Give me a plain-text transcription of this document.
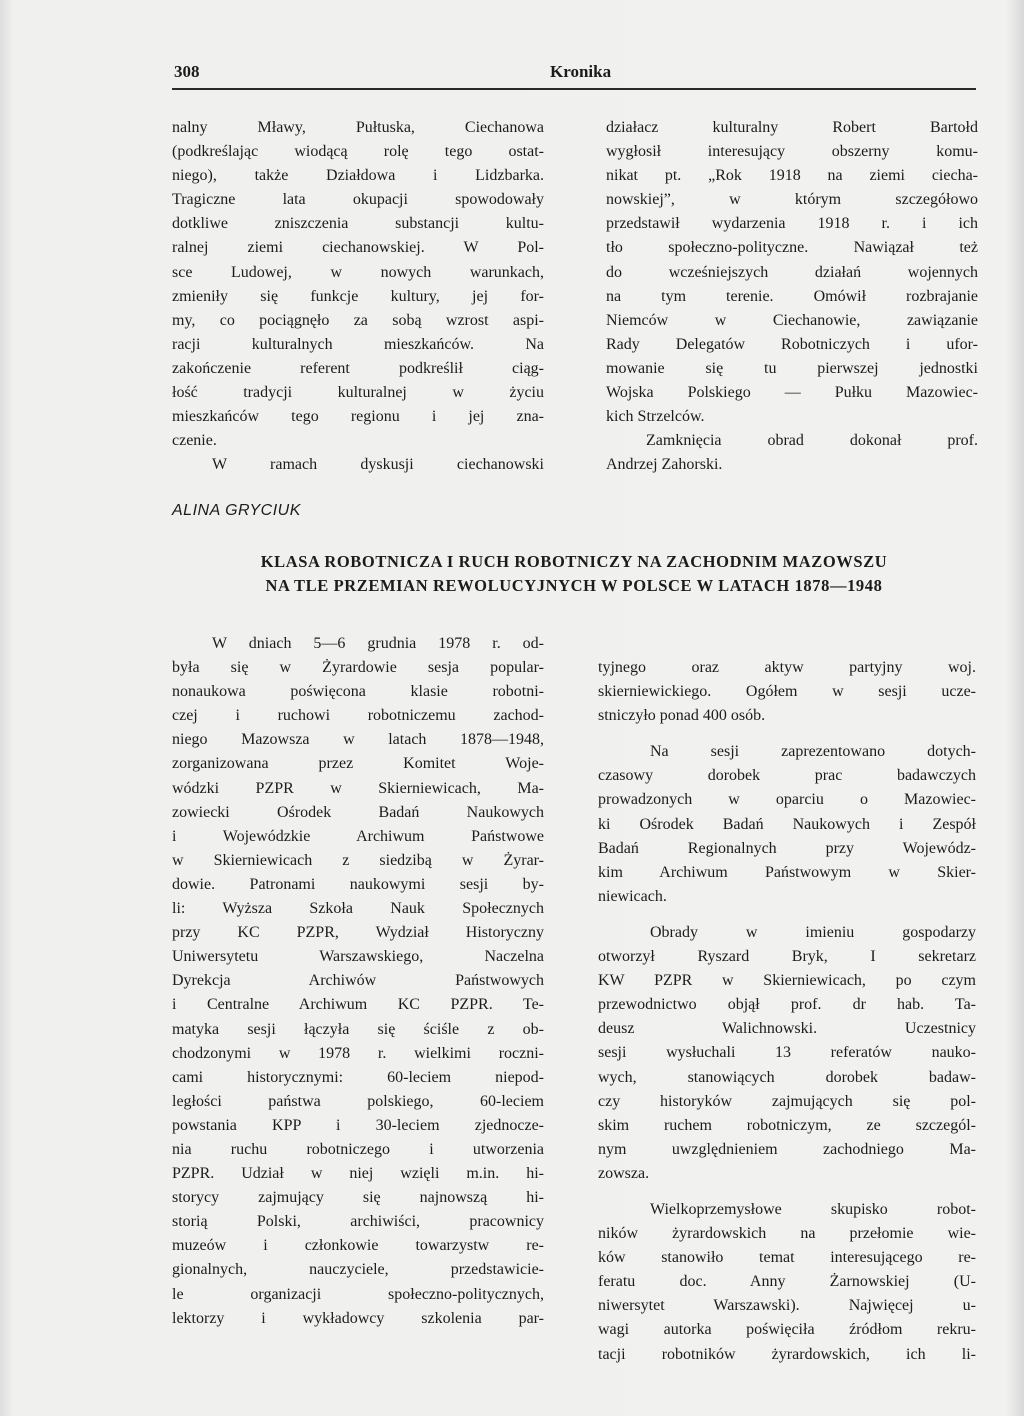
308	Kronika
nalny Mławy, Pułtuska, Ciechanowa
(podkreślając wiodącą rolę tego ostat-
niego), także Działdowa i Lidzbarka.
Tragiczne lata okupacji spowodowały
dotkliwe zniszczenia substancji kultu-
ralnej ziemi ciechanowskiej. W Pol-
sce Ludowej, w nowych warunkach,
zmieniły się funkcje kultury, jej for-
my, co pociągnęło za sobą wzrost aspi-
racji kulturalnych mieszkańców. Na
zakończenie referent podkreślił ciąg-
łość tradycji kulturalnej w życiu
mieszkańców tego regionu i jej zna-
czenie.
W ramach dyskusji ciechanowski
działacz kulturalny Robert Bartołd
wygłosił interesujący obszerny komu-
nikat pt. „Rok 1918 na ziemi ciecha-
nowskiej”, w którym szczegółowo
przedstawił wydarzenia 1918 r. i ich
tło społeczno-polityczne. Nawiązał też
do wcześniejszych działań wojennych
na tym terenie. Omówił rozbrajanie
Niemców w Ciechanowie, zawiązanie
Rady Delegatów Robotniczych i ufor-
mowanie się tu pierwszej jednostki
Wojska Polskiego — Pułku Mazowiec-
kich Strzelców.
Zamknięcia obrad dokonał prof.
Andrzej Zahorski.
ALINA GRYCIUK
KLASA ROBOTNICZA I RUCH ROBOTNICZY NA ZACHODNIM MAZOWSZU
NA TLE PRZEMIAN REWOLUCYJNYCH W POLSCE W LATACH 1878—1948
W dniach 5—6 grudnia 1978 r. od-
była się w Żyrardowie sesja popular-
nonaukowa poświęcona klasie robotni-
czej i ruchowi robotniczemu zachod-
niego Mazowsza w latach 1878—1948,
zorganizowana przez Komitet Woje-
wódzki PZPR w Skierniewicach, Ma-
zowiecki Ośrodek Badań Naukowych
i Wojewódzkie Archiwum Państwowe
w Skierniewicach z siedzibą w Żyrar-
dowie. Patronami naukowymi sesji by-
li: Wyższa Szkoła Nauk Społecznych
przy KC PZPR, Wydział Historyczny
Uniwersytetu Warszawskiego, Naczelna
Dyrekcja Archiwów Państwowych
i Centralne Archiwum KC PZPR. Te-
matyka sesji łączyła się ściśle z ob-
chodzonymi w 1978 r. wielkimi roczni-
cami historycznymi: 60-leciem niepod-
ległości państwa polskiego, 60-leciem
powstania KPP i 30-leciem zjednocze-
nia ruchu robotniczego i utworzenia
PZPR. Udział w niej wzięli m.in. hi-
storycy zajmujący się najnowszą hi-
storią Polski, archiwiści, pracownicy
muzeów i członkowie towarzystw re-
gionalnych, nauczyciele, przedstawicie-
le organizacji społeczno-politycznych,
lektorzy i wykładowcy szkolenia par-
tyjnego oraz aktyw partyjny woj.
skierniewickiego. Ogółem w sesji ucze-
stniczyło ponad 400 osób.
Na sesji zaprezentowano dotych-
czasowy dorobek prac badawczych
prowadzonych w oparciu o Mazowiec-
ki Ośrodek Badań Naukowych i Zespół
Badań Regionalnych przy Wojewódz-
kim Archiwum Państwowym w Skier-
niewicach.
Obrady w imieniu gospodarzy
otworzył Ryszard Bryk, I sekretarz
KW PZPR w Skierniewicach, po czym
przewodnictwo objął prof. dr hab. Ta-
deusz Walichnowski. Uczestnicy
sesji wysłuchali 13 referatów nauko-
wych, stanowiących dorobek badaw-
czy historyków zajmujących się pol-
skim ruchem robotniczym, ze szczegól-
nym uwzględnieniem zachodniego Ma-
zowsza.
Wielkoprzemysłowe skupisko robot-
ników żyrardowskich na przełomie wie-
ków stanowiło temat interesującego re-
feratu doc. Anny Żarnowskiej (U-
niwersytet Warszawski). Najwięcej u-
wagi autorka poświęciła źródłom rekru-
tacji robotników żyrardowskich, ich li-
